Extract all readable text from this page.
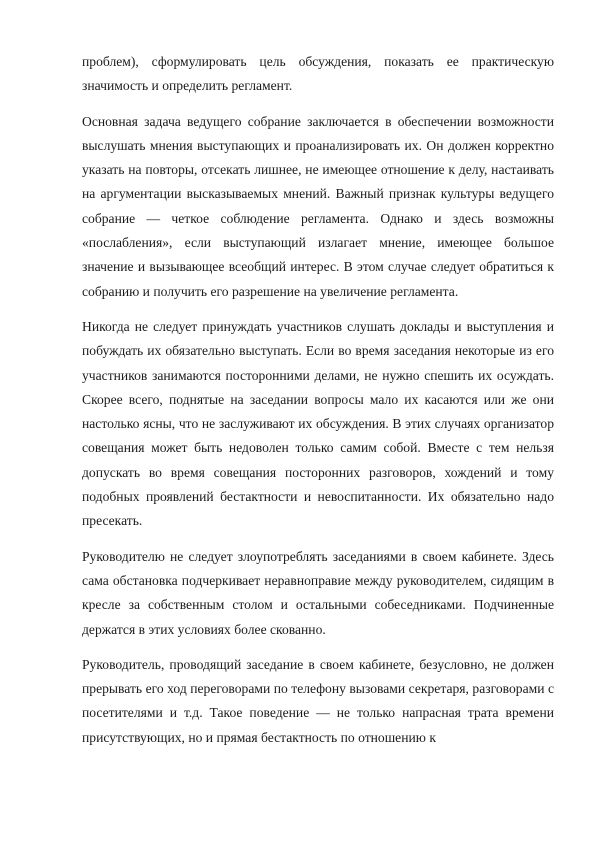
проблем), сформулировать цель обсуждения, показать ее практическую значимость и определить регламент.

Основная задача ведущего собрание заключается в обеспечении возможности выслушать мнения выступающих и проанализировать их. Он должен корректно указать на повторы, отсекать лишнее, не имеющее отношение к делу, настаивать на аргументации высказываемых мнений. Важный признак культуры ведущего собрание — четкое соблюдение регламента. Однако и здесь возможны «послабления», если выступающий излагает мнение, имеющее большое значение и вызывающее всеобщий интерес. В этом случае следует обратиться к собранию и получить его разрешение на увеличение регламента.

Никогда не следует принуждать участников слушать доклады и выступления и побуждать их обязательно выступать. Если во время заседания некоторые из его участников занимаются посторонними делами, не нужно спешить их осуждать. Скорее всего, поднятые на заседании вопросы мало их касаются или же они настолько ясны, что не заслуживают их обсуждения. В этих случаях организатор совещания может быть недоволен только самим собой. Вместе с тем нельзя допускать во время совещания посторонних разговоров, хождений и тому подобных проявлений бестактности и невоспитанности. Их обязательно надо пресекать.

Руководителю не следует злоупотреблять заседаниями в своем кабинете. Здесь сама обстановка подчеркивает неравноправие между руководителем, сидящим в кресле за собственным столом и остальными собеседниками. Подчиненные держатся в этих условиях более скованно.

Руководитель, проводящий заседание в своем кабинете, безусловно, не должен прерывать его ход переговорами по телефону вызовами секретаря, разговорами с посетителями и т.д. Такое поведение — не только напрасная трата времени присутствующих, но и прямая бестактность по отношению к
